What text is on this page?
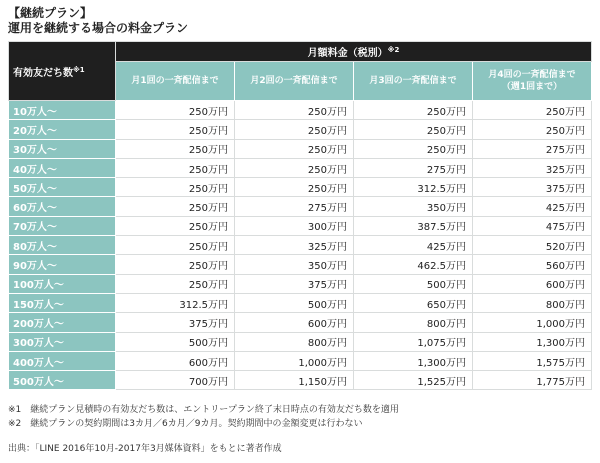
【継続プラン】
運用を継続する場合の料金プラン
有効友だち数$^{※1}$	月額料金（税別）$^{※2}$
	月1回の一斉配信まで	月2回の一斉配信まで	月3回の一斉配信まで	月4回の一斉配信まで
（週1回まで）
10万人～	250万円	250万円	250万円	250万円
20万人～	250万円	250万円	250万円	250万円
30万人～	250万円	250万円	250万円	275万円
40万人～	250万円	250万円	275万円	325万円
50万人～	250万円	250万円	312.5万円	375万円
60万人～	250万円	275万円	350万円	425万円
70万人～	250万円	300万円	387.5万円	475万円
80万人～	250万円	325万円	425万円	520万円
90万人～	250万円	350万円	462.5万円	560万円
100万人～	250万円	375万円	500万円	600万円
150万人～	312.5万円	500万円	650万円	800万円
200万人～	375万円	600万円	800万円	1,000万円
300万人～	500万円	800万円	1,075万円	1,300万円
400万人～	600万円	1,000万円	1,300万円	1,575万円
500万人～	700万円	1,150万円	1,525万円	1,775万円
※1　継続プラン見積時の有効友だち数は、エントリープラン終了末日時点の有効友だち数を適用
※2　継続プランの契約期間は3カ月／6カ月／9カ月。契約期間中の金額変更は行わない
出典：「LINE 2016年10月-2017年3月媒体資料」をもとに著者作成
